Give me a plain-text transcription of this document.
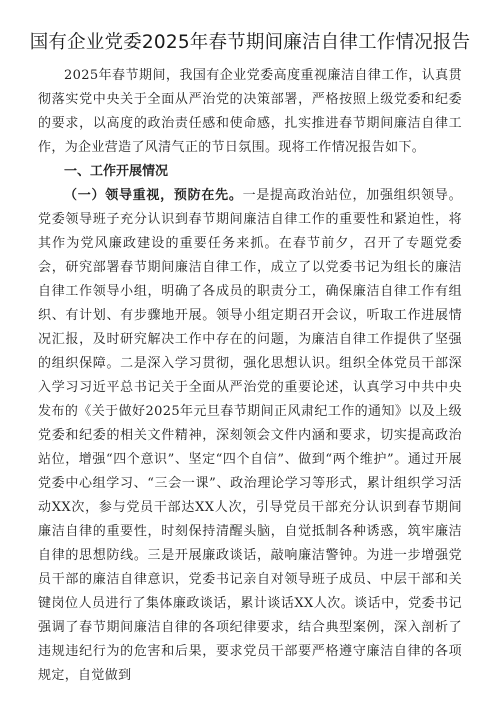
国有企业党委2025年春节期间廉洁自律工作情况报告

2025年春节期间，我国有企业党委高度重视廉洁自律工作，认真贯彻落实党中央关于全面从严治党的决策部署，严格按照上级党委和纪委的要求，以高度的政治责任感和使命感，扎实推进春节期间廉洁自律工作，为企业营造了风清气正的节日氛围。现将工作情况报告如下。

一、工作开展情况

（一）领导重视，预防在先。一是提高政治站位，加强组织领导。党委领导班子充分认识到春节期间廉洁自律工作的重要性和紧迫性，将其作为党风廉政建设的重要任务来抓。在春节前夕，召开了专题党委会，研究部署春节期间廉洁自律工作，成立了以党委书记为组长的廉洁自律工作领导小组，明确了各成员的职责分工，确保廉洁自律工作有组织、有计划、有步骤地开展。领导小组定期召开会议，听取工作进展情况汇报，及时研究解决工作中存在的问题，为廉洁自律工作提供了坚强的组织保障。二是深入学习贯彻，强化思想认识。组织全体党员干部深入学习习近平总书记关于全面从严治党的重要论述，认真学习中共中央发布的《关于做好2025年元旦春节期间正风肃纪工作的通知》以及上级党委和纪委的相关文件精神，深刻领会文件内涵和要求，切实提高政治站位，增强“四个意识”、坚定“四个自信”、做到“两个维护”。通过开展党委中心组学习、“三会一课”、政治理论学习等形式，累计组织学习活动XX次，参与党员干部达XX人次，引导党员干部充分认识到春节期间廉洁自律的重要性，时刻保持清醒头脑，自觉抵制各种诱惑，筑牢廉洁自律的思想防线。三是开展廉政谈话，敲响廉洁警钟。为进一步增强党员干部的廉洁自律意识，党委书记亲自对领导班子成员、中层干部和关键岗位人员进行了集体廉政谈话，累计谈话XX人次。谈话中，党委书记强调了春节期间廉洁自律的各项纪律要求，结合典型案例，深入剖析了违规违纪行为的危害和后果，要求党员干部要严格遵守廉洁自律的各项规定，自觉做到
